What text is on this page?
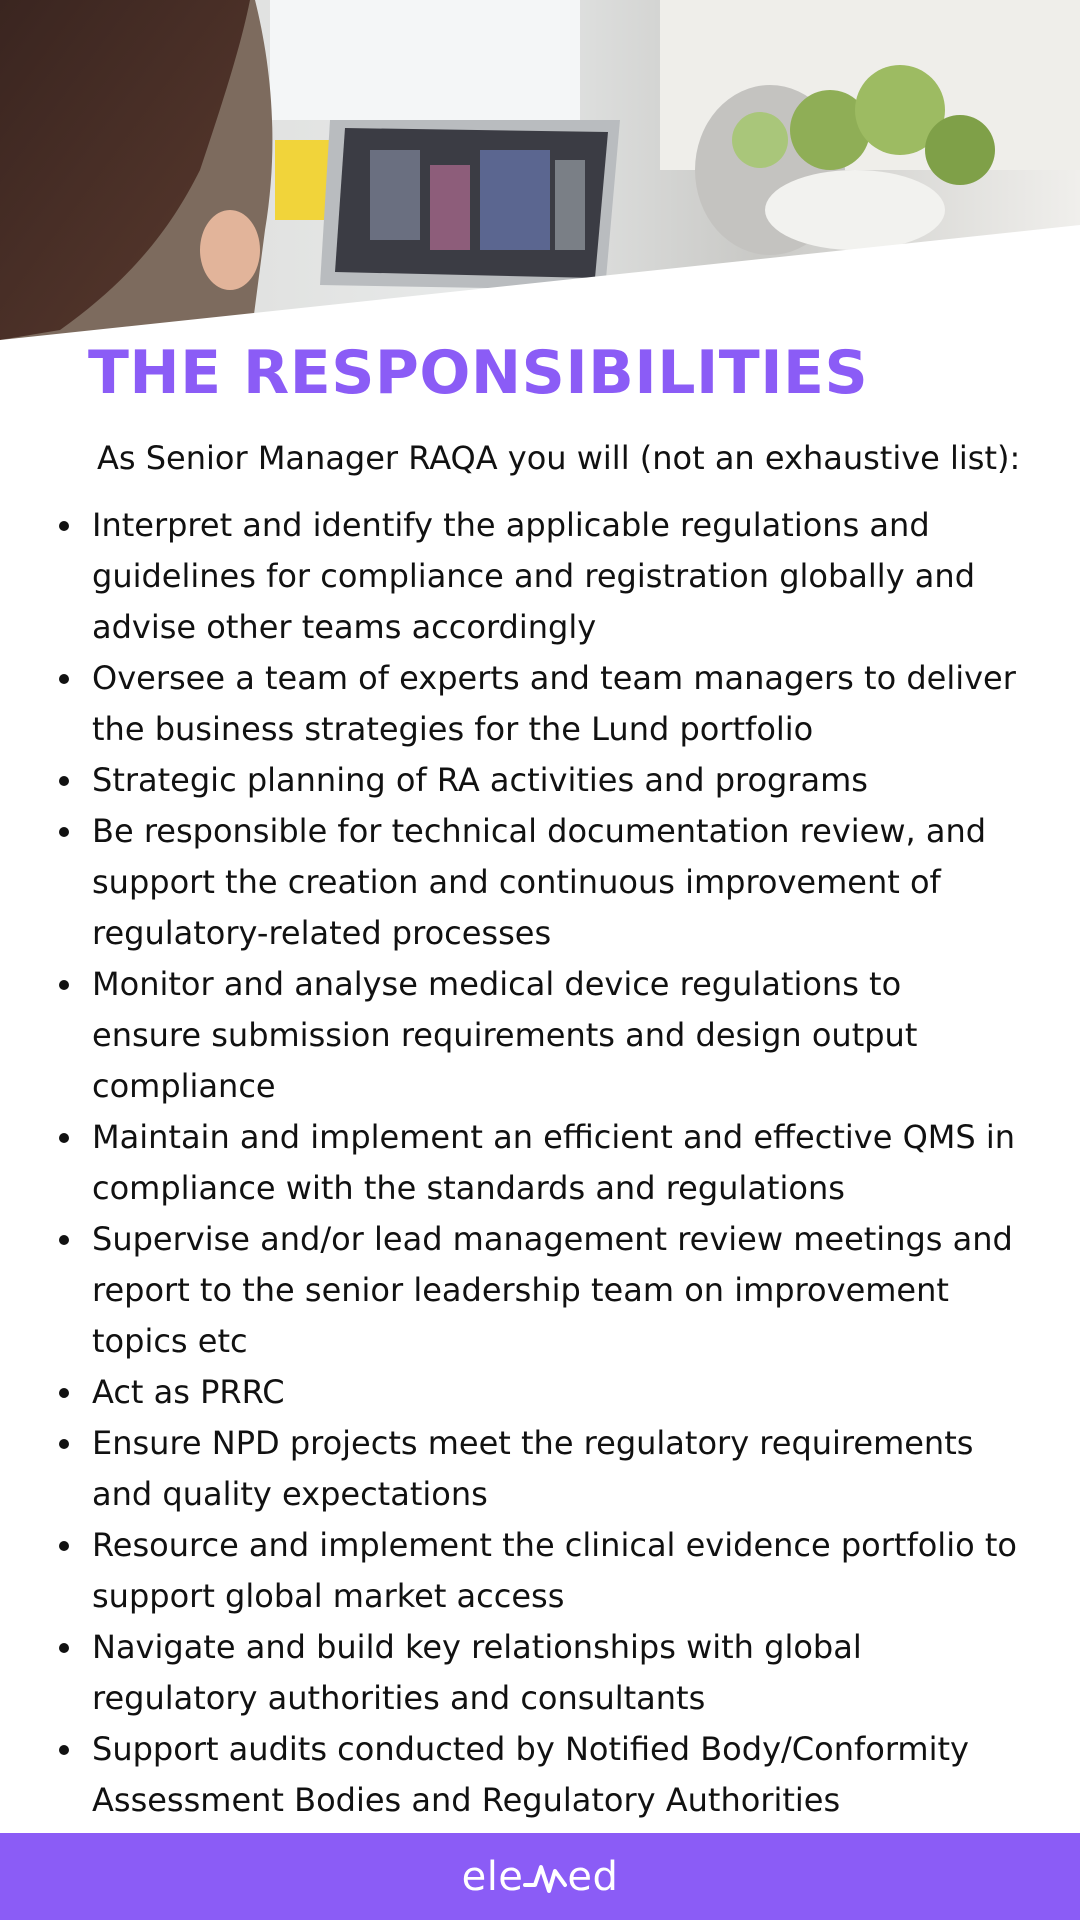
THE RESPONSIBILITIES

As Senior Manager RAQA you will (not an exhaustive list):

Interpret and identify the applicable regulations and guidelines for compliance and registration globally and advise other teams accordingly
Oversee a team of experts and team managers to deliver the business strategies for the Lund portfolio
Strategic planning of RA activities and programs
Be responsible for technical documentation review, and support the creation and continuous improvement of regulatory-related processes
Monitor and analyse medical device regulations to ensure submission requirements and design output compliance
Maintain and implement an efficient and effective QMS in compliance with the standards and regulations
Supervise and/or lead management review meetings and report to the senior leadership team on improvement topics etc
Act as PRRC
Ensure NPD projects meet the regulatory requirements and quality expectations
Resource and implement the clinical evidence portfolio to support global market access
Navigate and build key relationships with global regulatory authorities and consultants
Support audits conducted by Notified Body/Conformity Assessment Bodies and Regulatory Authorities
ele ed
